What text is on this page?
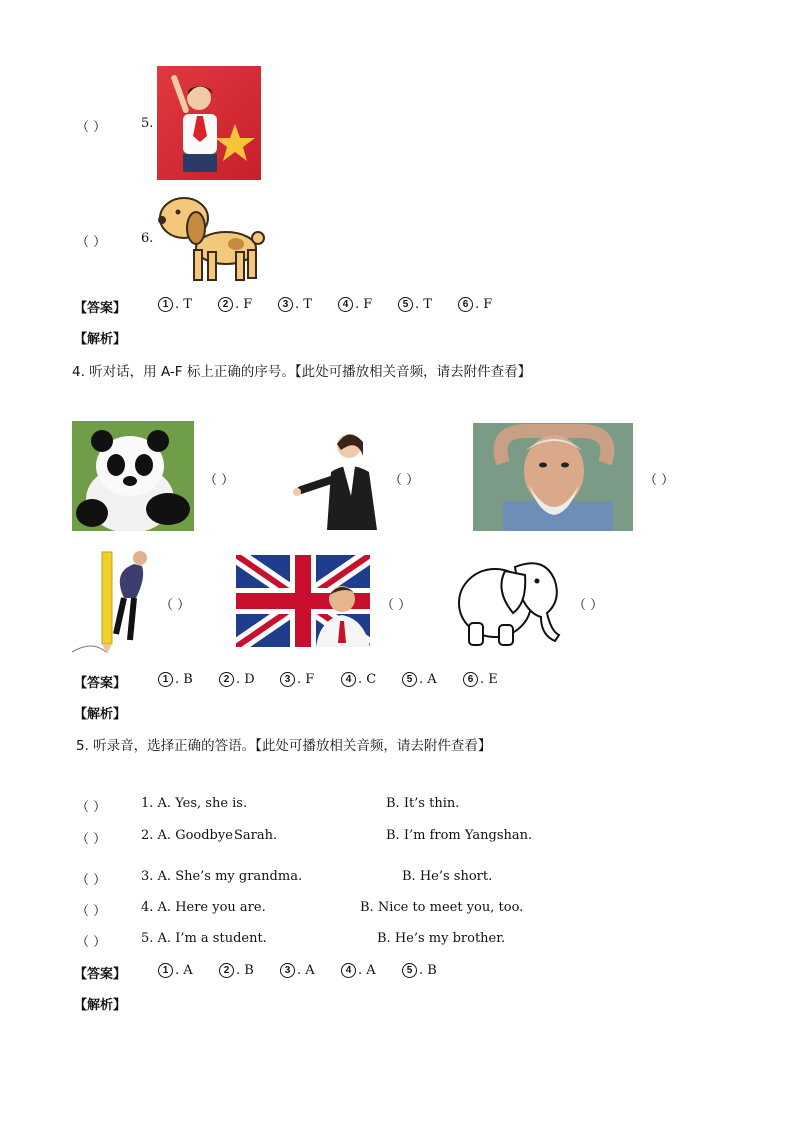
（ ）	5.
（ ）	6.
【答案】	1 . T	2 . F	3 . T	4 . F	5 . T	6 . F
【解析】
4. 听对话，用 A-F 标上正确的序号。【此处可播放相关音频，请去附件查看】
（ ）	（ ）	（ ）
（ ）	（ ）	（ ）
【答案】	1 . B	2 . D	3 . F	4 . C	5 . A	6 . E
【解析】
5. 听录音，选择正确的答语。【此处可播放相关音频，请去附件查看】
（ ）	1. A. Yes, she is.	B. It’s thin.
（ ）	2. A. Goodbye Sarah.	B. I’m from Yangshan.
（ ）	3. A. She’s my grandma.	B. He’s short.
（ ）	4. A. Here you are.	B. Nice to meet you, too.
（ ）	5. A. I’m a student.	B. He’s my brother.
【答案】	1 . A	2 . B	3 . A	4 . A	5 . B
【解析】
